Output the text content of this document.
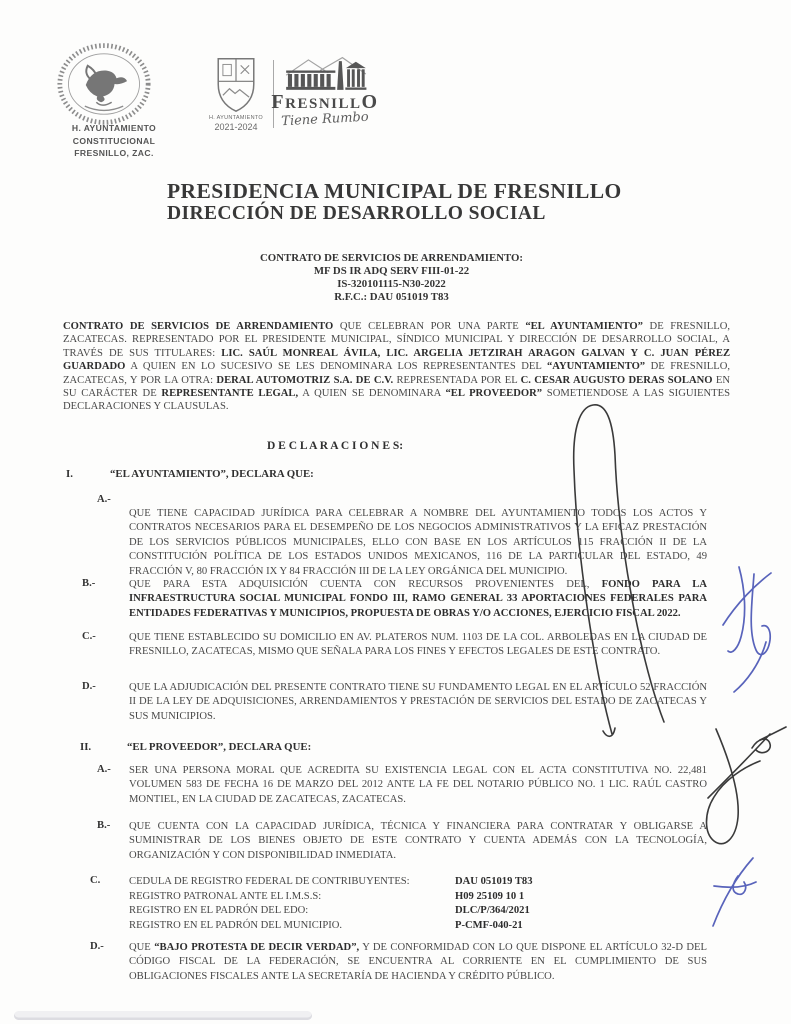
H. AYUNTAMIENTO
CONSTITUCIONAL
FRESNILLO, ZAC.
H. AYUNTAMIENTO
2021-2024
FRESNILLO
Tiene Rumbo
PRESIDENCIA MUNICIPAL DE FRESNILLO
DIRECCIÓN DE DESARROLLO SOCIAL
CONTRATO DE SERVICIOS DE ARRENDAMIENTO:
MF DS IR ADQ SERV FIII-01-22
IS-320101115-N30-2022
R.F.C.: DAU 051019 T83
CONTRATO DE SERVICIOS DE ARRENDAMIENTO QUE CELEBRAN POR UNA PARTE “EL AYUNTAMIENTO” DE FRESNILLO, ZACATECAS. REPRESENTADO POR EL PRESIDENTE MUNICIPAL, SÍNDICO MUNICIPAL Y DIRECCIÓN DE DESARROLLO SOCIAL, A TRAVÉS DE SUS TITULARES: LIC. SAÚL MONREAL ÁVILA, LIC. ARGELIA JETZIRAH ARAGON GALVAN Y C. JUAN PÉREZ GUARDADO A QUIEN EN LO SUCESIVO SE LES DENOMINARA LOS REPRESENTANTES DEL “AYUNTAMIENTO” DE FRESNILLO, ZACATECAS, Y POR LA OTRA: DERAL AUTOMOTRIZ S.A. DE C.V. REPRESENTADA POR EL C. CESAR AUGUSTO DERAS SOLANO EN SU CARÁCTER DE REPRESENTANTE LEGAL, A QUIEN SE DENOMINARA “EL PROVEEDOR” SOMETIENDOSE A LAS SIGUIENTES DECLARACIONES Y CLAUSULAS.
D E C L A R A C I O N E S:
I.	“EL AYUNTAMIENTO”, DECLARA QUE:
A.-
QUE TIENE CAPACIDAD JURÍDICA PARA CELEBRAR A NOMBRE DEL AYUNTAMIENTO TODOS LOS ACTOS Y CONTRATOS NECESARIOS PARA EL DESEMPEÑO DE LOS NEGOCIOS ADMINISTRATIVOS Y LA EFICAZ PRESTACIÓN DE LOS SERVICIOS PÚBLICOS MUNICIPALES, ELLO CON BASE EN LOS ARTÍCULOS 115 FRACCIÓN II DE LA CONSTITUCIÓN POLÍTICA DE LOS ESTADOS UNIDOS MEXICANOS, 116 DE LA PARTICULAR DEL ESTADO, 49 FRACCIÓN V, 80 FRACCIÓN IX Y 84 FRACCIÓN III DE LA LEY ORGÁNICA DEL MUNICIPIO.
B.-	QUE PARA ESTA ADQUISICIÓN CUENTA CON RECURSOS PROVENIENTES DEL, FONDO PARA LA INFRAESTRUCTURA SOCIAL MUNICIPAL FONDO III, RAMO GENERAL 33 APORTACIONES FEDERALES PARA ENTIDADES FEDERATIVAS Y MUNICIPIOS, PROPUESTA DE OBRAS Y/O ACCIONES, EJERCICIO FISCAL 2022.
C.-	QUE TIENE ESTABLECIDO SU DOMICILIO EN AV. PLATEROS NUM. 1103 DE LA COL. ARBOLEDAS EN LA CIUDAD DE FRESNILLO, ZACATECAS, MISMO QUE SEÑALA PARA LOS FINES Y EFECTOS LEGALES DE ESTE CONTRATO.
D.-	QUE LA ADJUDICACIÓN DEL PRESENTE CONTRATO TIENE SU FUNDAMENTO LEGAL EN EL ARTÍCULO 52 FRACCIÓN II DE LA LEY DE ADQUISICIONES, ARRENDAMIENTOS Y PRESTACIÓN DE SERVICIOS DEL ESTADO DE ZACATECAS Y SUS MUNICIPIOS.
II.	“EL PROVEEDOR”, DECLARA QUE:
A.- SER UNA PERSONA MORAL QUE ACREDITA SU EXISTENCIA LEGAL CON EL ACTA CONSTITUTIVA NO. 22,481 VOLUMEN 583 DE FECHA 16 DE MARZO DEL 2012 ANTE LA FE DEL NOTARIO PÚBLICO NO. 1 LIC. RAÚL CASTRO MONTIEL, EN LA CIUDAD DE ZACATECAS, ZACATECAS.
B.- QUE CUENTA CON LA CAPACIDAD JURÍDICA, TÉCNICA Y FINANCIERA PARA CONTRATAR Y OBLIGARSE A SUMINISTRAR DE LOS BIENES OBJETO DE ESTE CONTRATO Y CUENTA ADEMÁS CON LA TECNOLOGÍA, ORGANIZACIÓN Y CON DISPONIBILIDAD INMEDIATA.
C.	CEDULA DE REGISTRO FEDERAL DE CONTRIBUYENTES:	DAU 051019 T83
REGISTRO PATRONAL ANTE EL I.M.S.S:	H09 25109 10 1
REGISTRO EN EL PADRÓN DEL EDO:	DLC/P/364/2021
REGISTRO EN EL PADRÓN DEL MUNICIPIO.	P-CMF-040-21
D.- QUE “BAJO PROTESTA DE DECIR VERDAD”, Y DE CONFORMIDAD CON LO QUE DISPONE EL ARTÍCULO 32-D DEL CÓDIGO FISCAL DE LA FEDERACIÓN, SE ENCUENTRA AL CORRIENTE EN EL CUMPLIMIENTO DE SUS OBLIGACIONES FISCALES ANTE LA SECRETARÍA DE HACIENDA Y CRÉDITO PÚBLICO.
